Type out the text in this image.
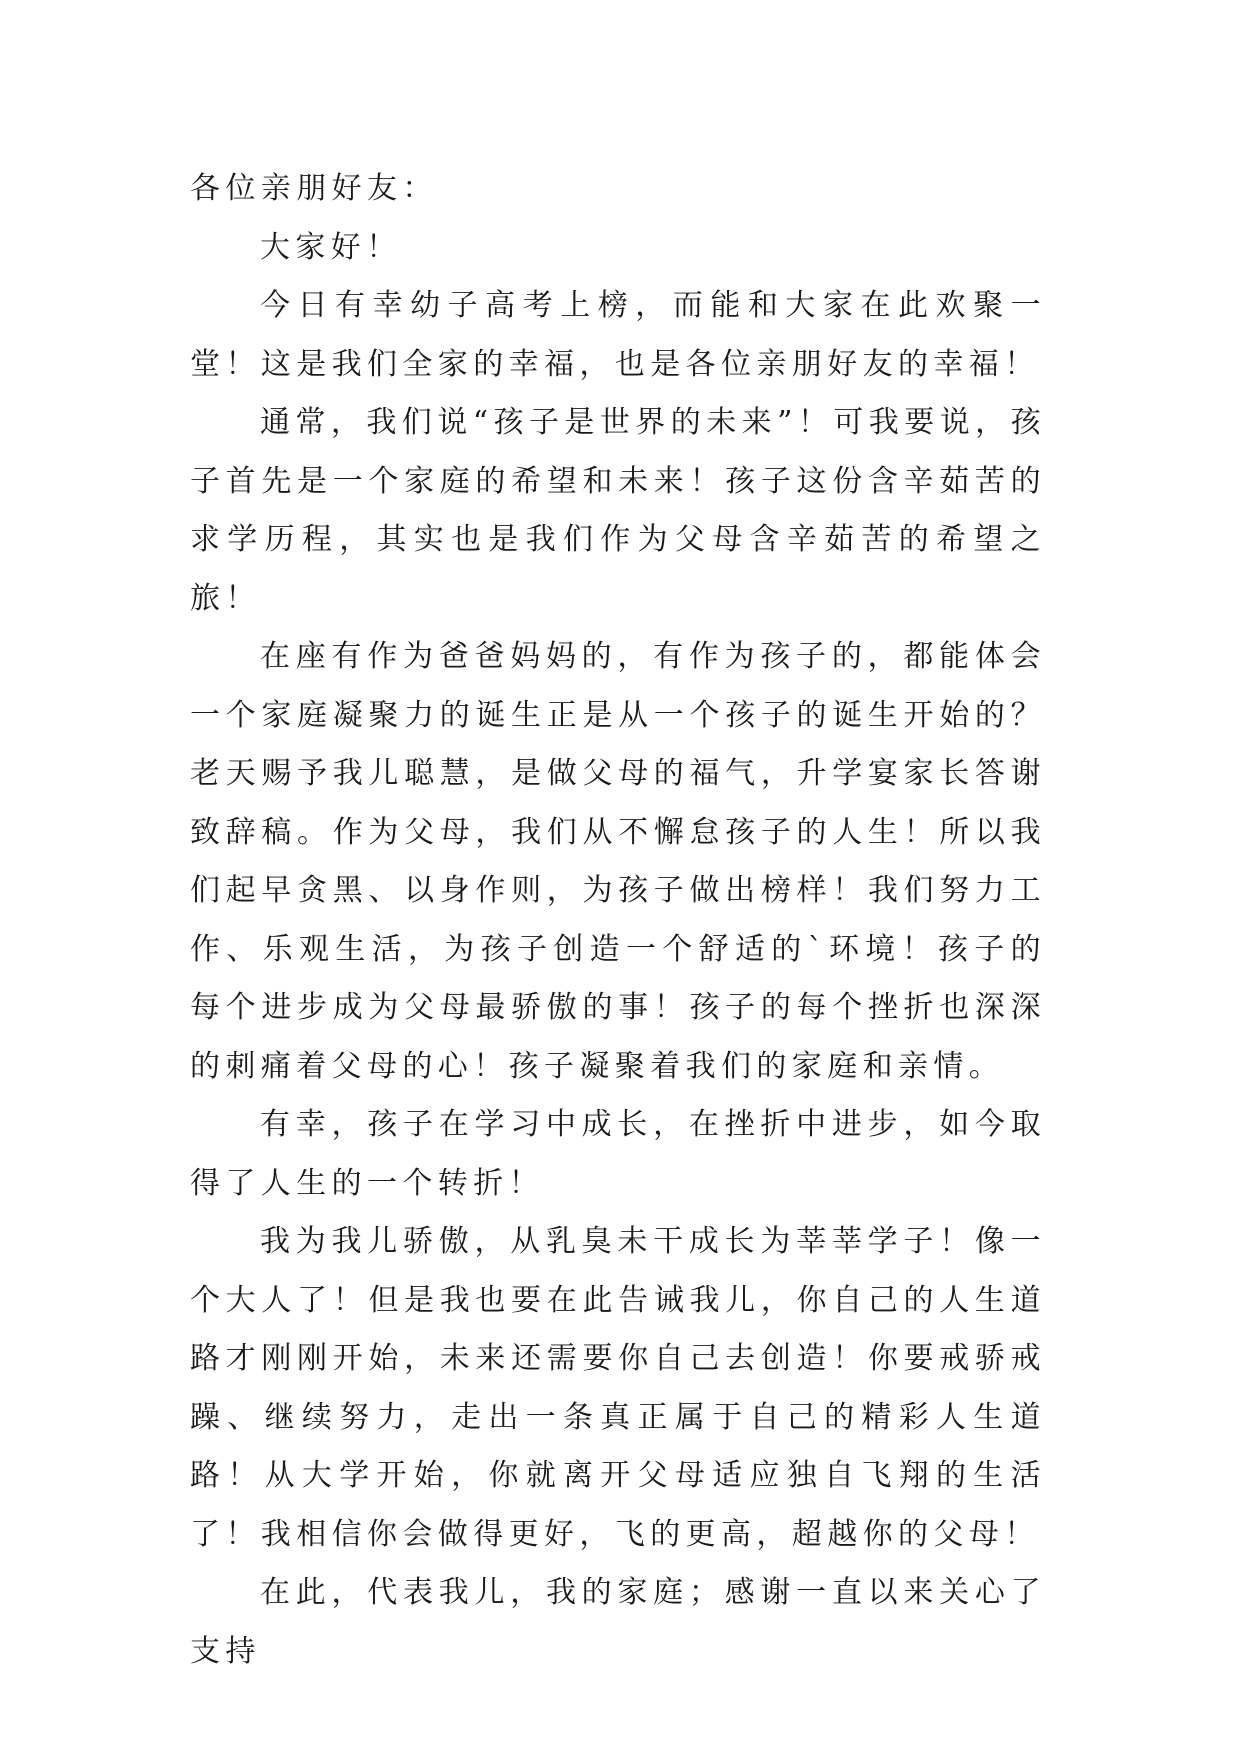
各位亲朋好友：

大家好！

今日有幸幼子高考上榜，而能和大家在此欢聚一堂！这是我们全家的幸福，也是各位亲朋好友的幸福！

通常，我们说“孩子是世界的未来”！可我要说，孩子首先是一个家庭的希望和未来！孩子这份含辛茹苦的求学历程，其实也是我们作为父母含辛茹苦的希望之旅！

在座有作为爸爸妈妈的，有作为孩子的，都能体会一个家庭凝聚力的诞生正是从一个孩子的诞生开始的？老天赐予我儿聪慧，是做父母的福气，升学宴家长答谢致辞稿。作为父母，我们从不懈怠孩子的人生！所以我们起早贪黑、以身作则，为孩子做出榜样！我们努力工作、乐观生活，为孩子创造一个舒适的`环境！孩子的每个进步成为父母最骄傲的事！孩子的每个挫折也深深的刺痛着父母的心！孩子凝聚着我们的家庭和亲情。

有幸，孩子在学习中成长，在挫折中进步，如今取得了人生的一个转折！

我为我儿骄傲，从乳臭未干成长为莘莘学子！像一个大人了！但是我也要在此告诫我儿，你自己的人生道路才刚刚开始，未来还需要你自己去创造！你要戒骄戒躁、继续努力，走出一条真正属于自己的精彩人生道路！从大学开始，你就离开父母适应独自飞翔的生活了！我相信你会做得更好，飞的更高，超越你的父母！

在此，代表我儿，我的家庭；感谢一直以来关心了支持
